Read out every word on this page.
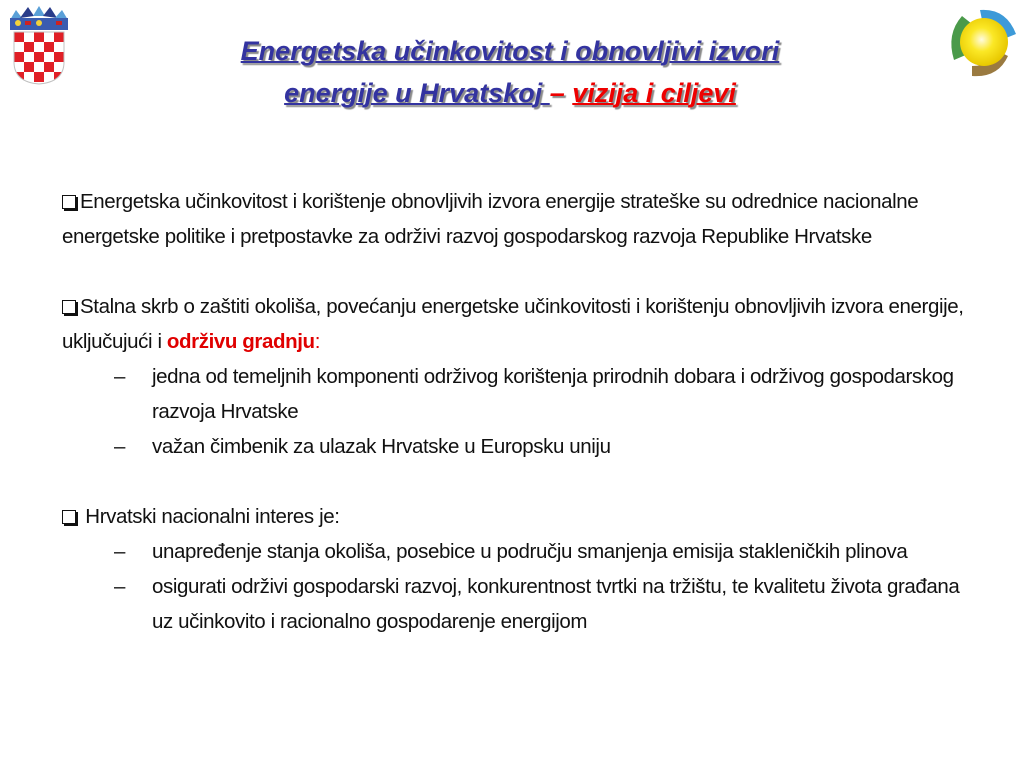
Energetska učinkovitost i obnovljivi izvori
energije u Hrvatskoj – vizija i ciljevi

Energetska učinkovitost i korištenje obnovljivih izvora energije strateške su odrednice nacionalne energetske politike i pretpostavke za održivi razvoj gospodarskog razvoja Republike Hrvatske

Stalna skrb o zaštiti okoliša, povećanju energetske učinkovitosti i korištenju obnovljivih izvora energije, uključujući i održivu gradnju:

– jedna od temeljnih komponenti održivog korištenja prirodnih dobara i održivog gospodarskog razvoja Hrvatske

– važan čimbenik za ulazak Hrvatske u Europsku uniju

Hrvatski nacionalni interes je:

– unapređenje stanja okoliša, posebice u području smanjenja emisija stakleničkih plinova

– osigurati održivi gospodarski razvoj, konkurentnost tvrtki na tržištu, te kvalitetu života građana uz učinkovito i racionalno gospodarenje energijom
